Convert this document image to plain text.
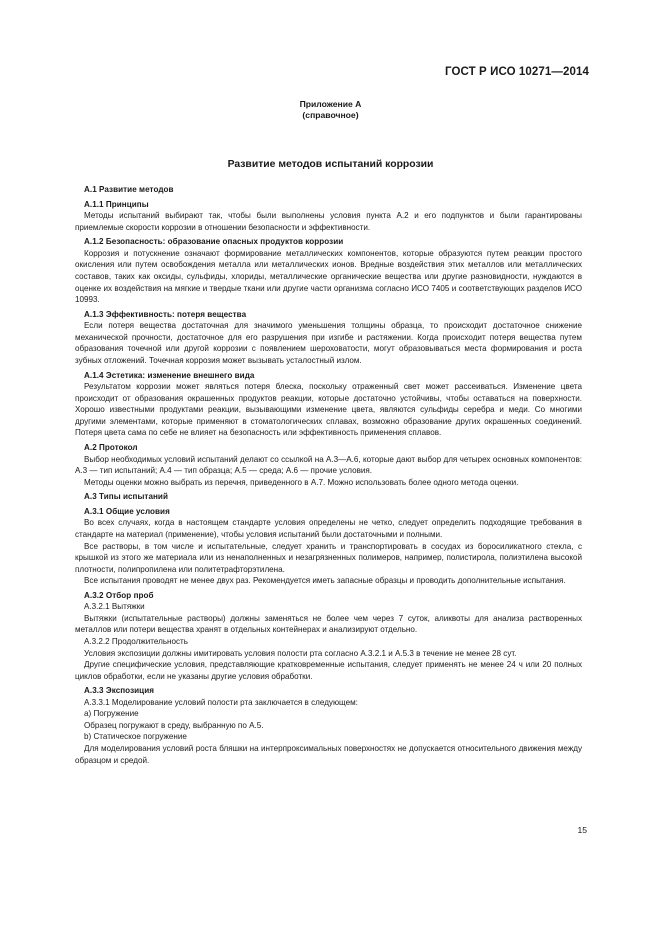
ГОСТ Р ИСО 10271—2014
Приложение А
(справочное)
Развитие методов испытаний коррозии
А.1 Развитие методов
А.1.1 Принципы

Методы испытаний выбирают так, чтобы были выполнены условия пункта А.2 и его подпунктов и были гарантированы приемлемые скорости коррозии в отношении безопасности и эффективности.

А.1.2 Безопасность: образование опасных продуктов коррозии

Коррозия и потускнение означают формирование металлических компонентов, которые образуются путем реакции простого окисления или путем освобождения металла или металлических ионов. Вредные воздействия этих металлов или металлических составов, таких как оксиды, сульфиды, хлориды, металлические органические вещества или другие разновидности, нуждаются в оценке их воздействия на мягкие и твердые ткани или другие части организма согласно ИСО 7405 и соответствующих разделов ИСО 10993.

А.1.3 Эффективность: потеря вещества

Если потеря вещества достаточная для значимого уменьшения толщины образца, то происходит достаточное снижение механической прочности, достаточное для его разрушения при изгибе и растяжении. Когда происходит потеря вещества путем образования точечной или другой коррозии с появлением шероховатости, могут образовываться места формирования и роста зубных отложений. Точечная коррозия может вызывать усталостный излом.

А.1.4 Эстетика: изменение внешнего вида

Результатом коррозии может являться потеря блеска, поскольку отраженный свет может рассеиваться. Изменение цвета происходит от образования окрашенных продуктов реакции, которые достаточно устойчивы, чтобы оставаться на поверхности. Хорошо известными продуктами реакции, вызывающими изменение цвета, являются сульфиды серебра и меди. Со многими другими элементами, которые применяют в стоматологических сплавах, возможно образование других окрашенных соединений. Потеря цвета сама по себе не влияет на безопасность или эффективность применения сплавов.

А.2 Протокол

Выбор необходимых условий испытаний делают со ссылкой на А.3—А.6, которые дают выбор для четырех основных компонентов: А.3 — тип испытаний; А.4 — тип образца; А.5 — среда; А.6 — прочие условия.

Методы оценки можно выбрать из перечня, приведенного в А.7. Можно использовать более одного метода оценки.

А.3 Типы испытаний
А.3.1 Общие условия

Во всех случаях, когда в настоящем стандарте условия определены не четко, следует определить подходящие требования в стандарте на материал (применение), чтобы условия испытаний были достаточными и полными.

Все растворы, в том числе и испытательные, следует хранить и транспортировать в сосудах из боросиликатного стекла, с крышкой из этого же материала или из ненаполненных и незагрязненных полимеров, например, полистирола, полиэтилена высокой плотности, полипропилена или политетрафторэтилена.

Все испытания проводят не менее двух раз. Рекомендуется иметь запасные образцы и проводить дополнительные испытания.

А.3.2 Отбор проб
А.3.2.1 Вытяжки

Вытяжки (испытательные растворы) должны заменяться не более чем через 7 суток, аликвоты для анализа растворенных металлов или потери вещества хранят в отдельных контейнерах и анализируют отдельно.

А.3.2.2 Продолжительность

Условия экспозиции должны имитировать условия полости рта согласно А.3.2.1 и А.5.3 в течение не менее 28 сут.

Другие специфические условия, представляющие кратковременные испытания, следует применять не менее 24 ч или 20 полных циклов обработки, если не указаны другие условия обработки.

А.3.3 Экспозиция
А.3.3.1 Моделирование условий полости рта заключается в следующем:
а) Погружение

Образец погружают в среду, выбранную по А.5.

b) Статическое погружение

Для моделирования условий роста бляшки на интерпроксимальных поверхностях не допускается относительного движения между образцом и средой.

15
